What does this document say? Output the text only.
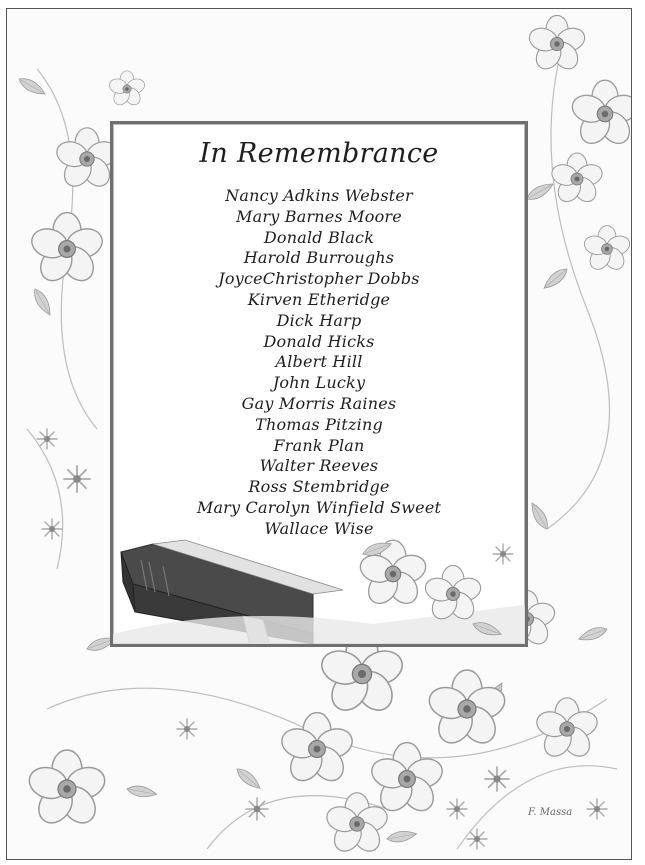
In Remembrance
Nancy Adkins Webster
Mary Barnes Moore
Donald Black
Harold Burroughs
JoyceChristopher Dobbs
Kirven Etheridge
Dick Harp
Donald Hicks
Albert Hill
John Lucky
Gay Morris Raines
Thomas Pitzing
Frank Plan
Walter Reeves
Ross Stembridge
Mary Carolyn Winfield Sweet
Wallace Wise
F. Massa
